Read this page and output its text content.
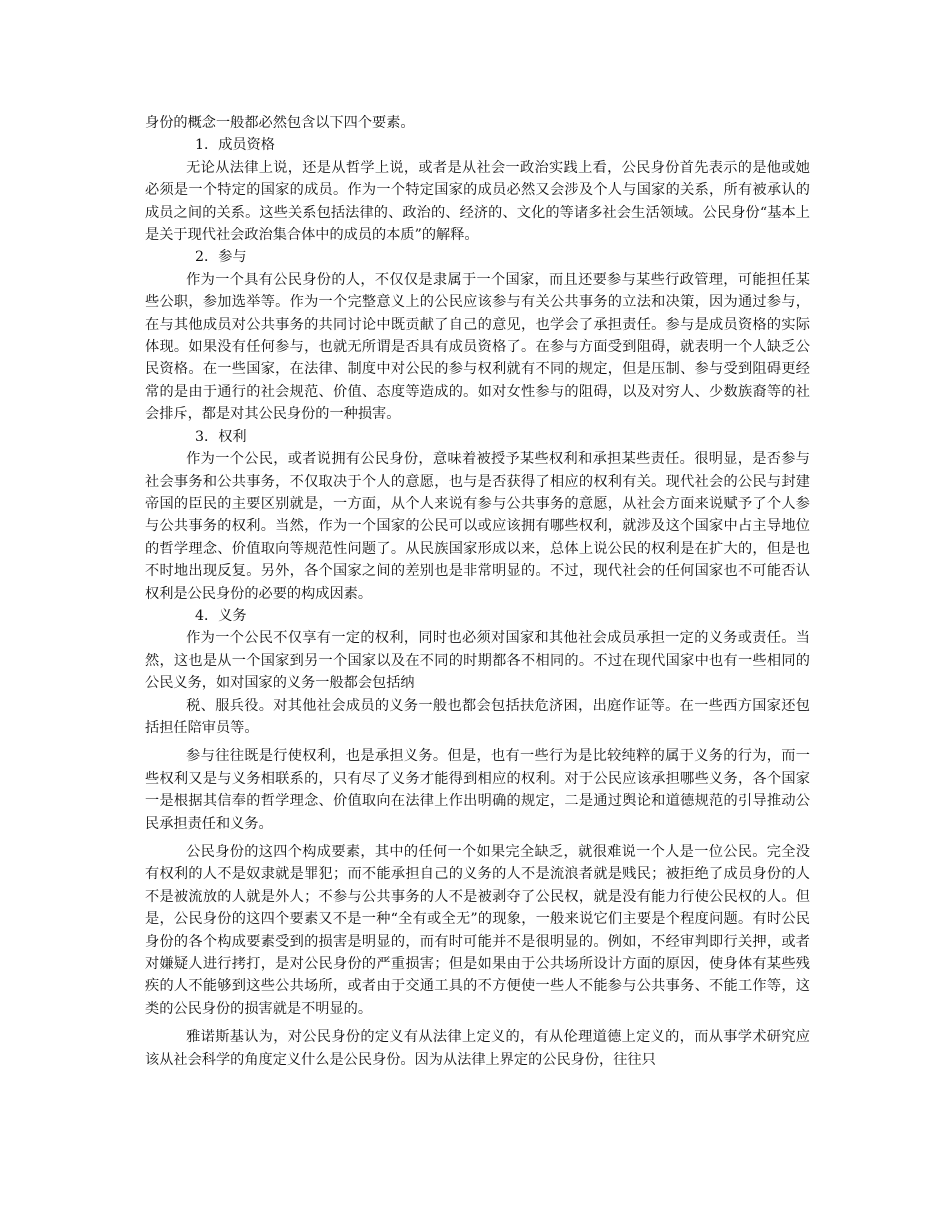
身份的概念一般都必然包含以下四个要素。

1．成员资格

无论从法律上说，还是从哲学上说，或者是从社会一政治实践上看，公民身份首先表示的是他或她必须是一个特定的国家的成员。作为一个特定国家的成员必然又会涉及个人与国家的关系，所有被承认的成员之间的关系。这些关系包括法律的、政治的、经济的、文化的等诸多社会生活领域。公民身份“基本上是关于现代社会政治集合体中的成员的本质”的解释。

2．参与

作为一个具有公民身份的人，不仅仅是隶属于一个国家，而且还要参与某些行政管理，可能担任某些公职，参加选举等。作为一个完整意义上的公民应该参与有关公共事务的立法和决策，因为通过参与，在与其他成员对公共事务的共同讨论中既贡献了自己的意见，也学会了承担责任。参与是成员资格的实际体现。如果没有任何参与，也就无所谓是否具有成员资格了。在参与方面受到阻碍，就表明一个人缺乏公民资格。在一些国家，在法律、制度中对公民的参与权利就有不同的规定，但是压制、参与受到阻碍更经常的是由于通行的社会规范、价值、态度等造成的。如对女性参与的阻碍，以及对穷人、少数族裔等的社会排斥，都是对其公民身份的一种损害。

3．权利

作为一个公民，或者说拥有公民身份，意味着被授予某些权利和承担某些责任。很明显，是否参与社会事务和公共事务，不仅取决于个人的意愿，也与是否获得了相应的权利有关。现代社会的公民与封建帝国的臣民的主要区别就是，一方面，从个人来说有参与公共事务的意愿，从社会方面来说赋予了个人参与公共事务的权利。当然，作为一个国家的公民可以或应该拥有哪些权利，就涉及这个国家中占主导地位的哲学理念、价值取向等规范性问题了。从民族国家形成以来，总体上说公民的权利是在扩大的，但是也不时地出现反复。另外，各个国家之间的差别也是非常明显的。不过，现代社会的任何国家也不可能否认权利是公民身份的必要的构成因素。

4．义务

作为一个公民不仅享有一定的权利，同时也必须对国家和其他社会成员承担一定的义务或责任。当然，这也是从一个国家到另一个国家以及在不同的时期都各不相同的。不过在现代国家中也有一些相同的公民义务，如对国家的义务一般都会包括纳

税、服兵役。对其他社会成员的义务一般也都会包括扶危济困，出庭作证等。在一些西方国家还包括担任陪审员等。

参与往往既是行使权利，也是承担义务。但是，也有一些行为是比较纯粹的属于义务的行为，而一些权利又是与义务相联系的，只有尽了义务才能得到相应的权利。对于公民应该承担哪些义务，各个国家一是根据其信奉的哲学理念、价值取向在法律上作出明确的规定，二是通过舆论和道德规范的引导推动公民承担责任和义务。

公民身份的这四个构成要素，其中的任何一个如果完全缺乏，就很难说一个人是一位公民。完全没有权利的人不是奴隶就是罪犯；而不能承担自己的义务的人不是流浪者就是贱民；被拒绝了成员身份的人不是被流放的人就是外人；不参与公共事务的人不是被剥夺了公民权，就是没有能力行使公民权的人。但是，公民身份的这四个要素又不是一种“全有或全无”的现象，一般来说它们主要是个程度问题。有时公民身份的各个构成要素受到的损害是明显的，而有时可能并不是很明显的。例如，不经审判即行关押，或者对嫌疑人进行拷打，是对公民身份的严重损害；但是如果由于公共场所设计方面的原因，使身体有某些残疾的人不能够到这些公共场所，或者由于交通工具的不方便使一些人不能参与公共事务、不能工作等，这类的公民身份的损害就是不明显的。

雅诺斯基认为，对公民身份的定义有从法律上定义的，有从伦理道德上定义的，而从事学术研究应该从社会科学的角度定义什么是公民身份。因为从法律上界定的公民身份，往往只
